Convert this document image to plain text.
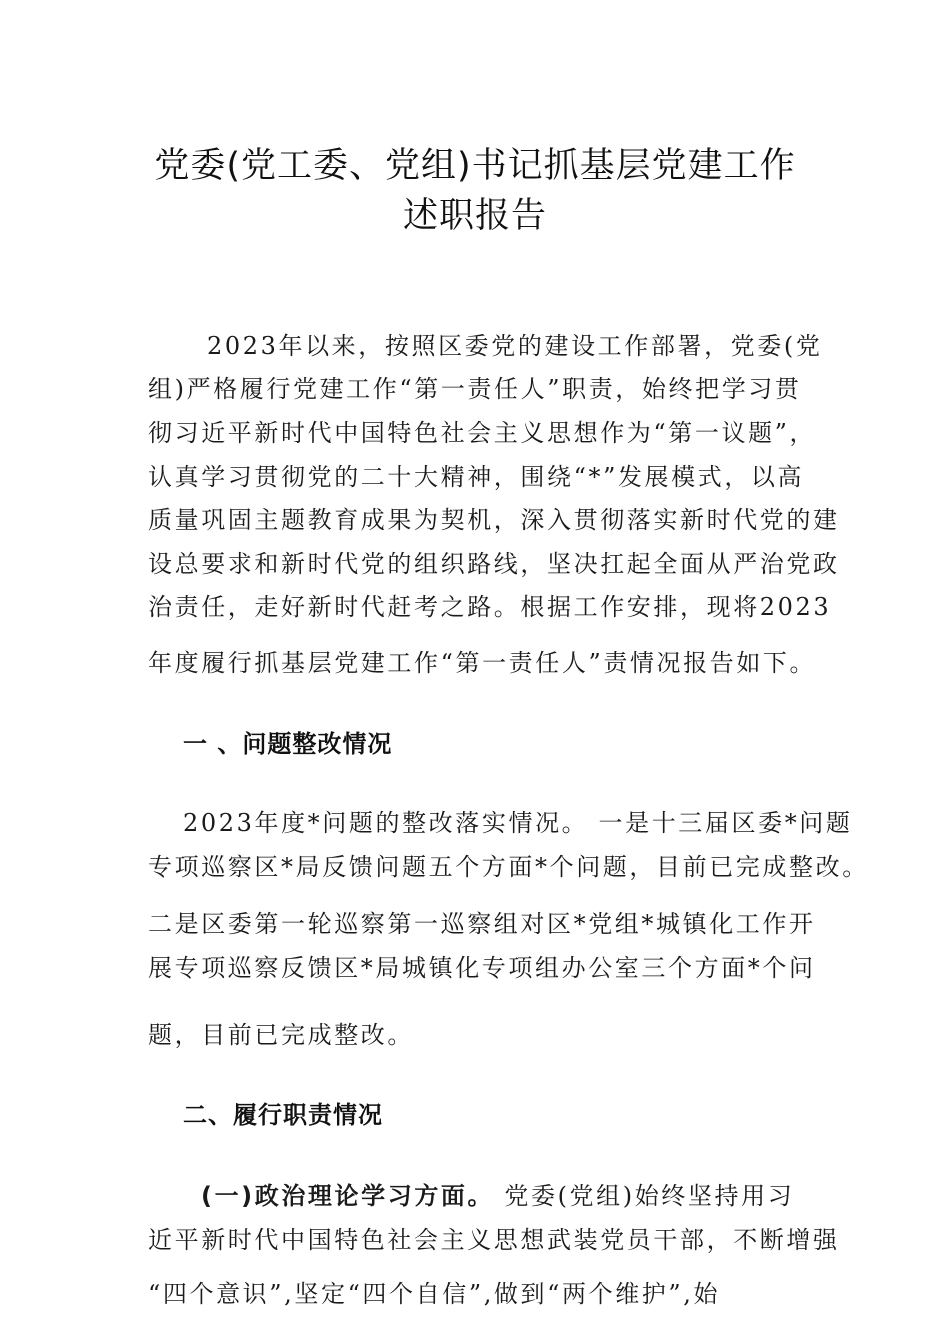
党委(党工委、党组)书记抓基层党建工作
述职报告
2023年以来，按照区委党的建设工作部署，党委(党
组)严格履行党建工作“第一责任人”职责，始终把学习贯
彻习近平新时代中国特色社会主义思想作为“第一议题”，
认真学习贯彻党的二十大精神，围绕“*”发展模式，以高
质量巩固主题教育成果为契机，深入贯彻落实新时代党的建
设总要求和新时代党的组织路线，坚决扛起全面从严治党政
治责任，走好新时代赶考之路。根据工作安排，现将2023
年度履行抓基层党建工作“第一责任人”责情况报告如下。
一 、问题整改情况
2023年度*问题的整改落实情况。 一是十三届区委*问题
专项巡察区*局反馈问题五个方面*个问题，目前已完成整改。
二是区委第一轮巡察第一巡察组对区*党组*城镇化工作开
展专项巡察反馈区*局城镇化专项组办公室三个方面*个问
题，目前已完成整改。
二、履行职责情况
(一)政治理论学习方面。 党委(党组)始终坚持用习
近平新时代中国特色社会主义思想武装党员干部，不断增强
“四个意识”,坚定“四个自信”,做到“两个维护”,始
